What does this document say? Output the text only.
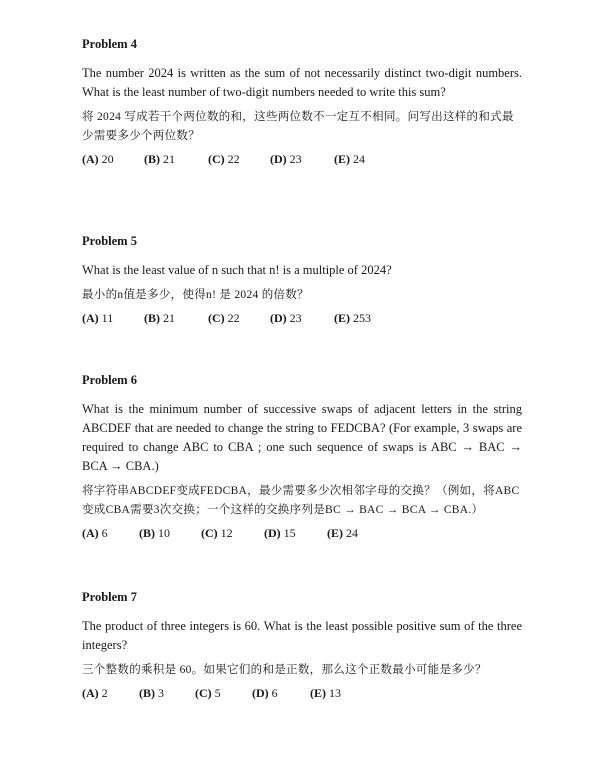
Problem 4

The number 2024 is written as the sum of not necessarily distinct two-digit numbers. What is the least number of two-digit numbers needed to write this sum?

将 2024 写成若干个两位数的和，这些两位数不一定互不相同。问写出这样的和式最少需要多少个两位数？

(A) 20	(B) 21	(C) 22	(D) 23	(E) 24

Problem 5

What is the least value of n such that n! is a multiple of 2024?

最小的n值是多少，使得n! 是 2024 的倍数？

(A) 11	(B) 21	(C) 22	(D) 23	(E) 253

Problem 6

What is the minimum number of successive swaps of adjacent letters in the string ABCDEF that are needed to change the string to FEDCBA? (For example, 3 swaps are required to change ABC to CBA ; one such sequence of swaps is ABC → BAC → BCA → CBA.)

将字符串ABCDEF变成FEDCBA，最少需要多少次相邻字母的交换？（例如，将ABC变成CBA需要3次交换；一个这样的交换序列是BC → BAC → BCA → CBA.）

(A) 6	(B) 10	(C) 12	(D) 15	(E) 24

Problem 7

The product of three integers is 60. What is the least possible positive sum of the three integers?

三个整数的乘积是 60。如果它们的和是正数，那么这个正数最小可能是多少？

(A) 2	(B) 3	(C) 5	(D) 6	(E) 13
